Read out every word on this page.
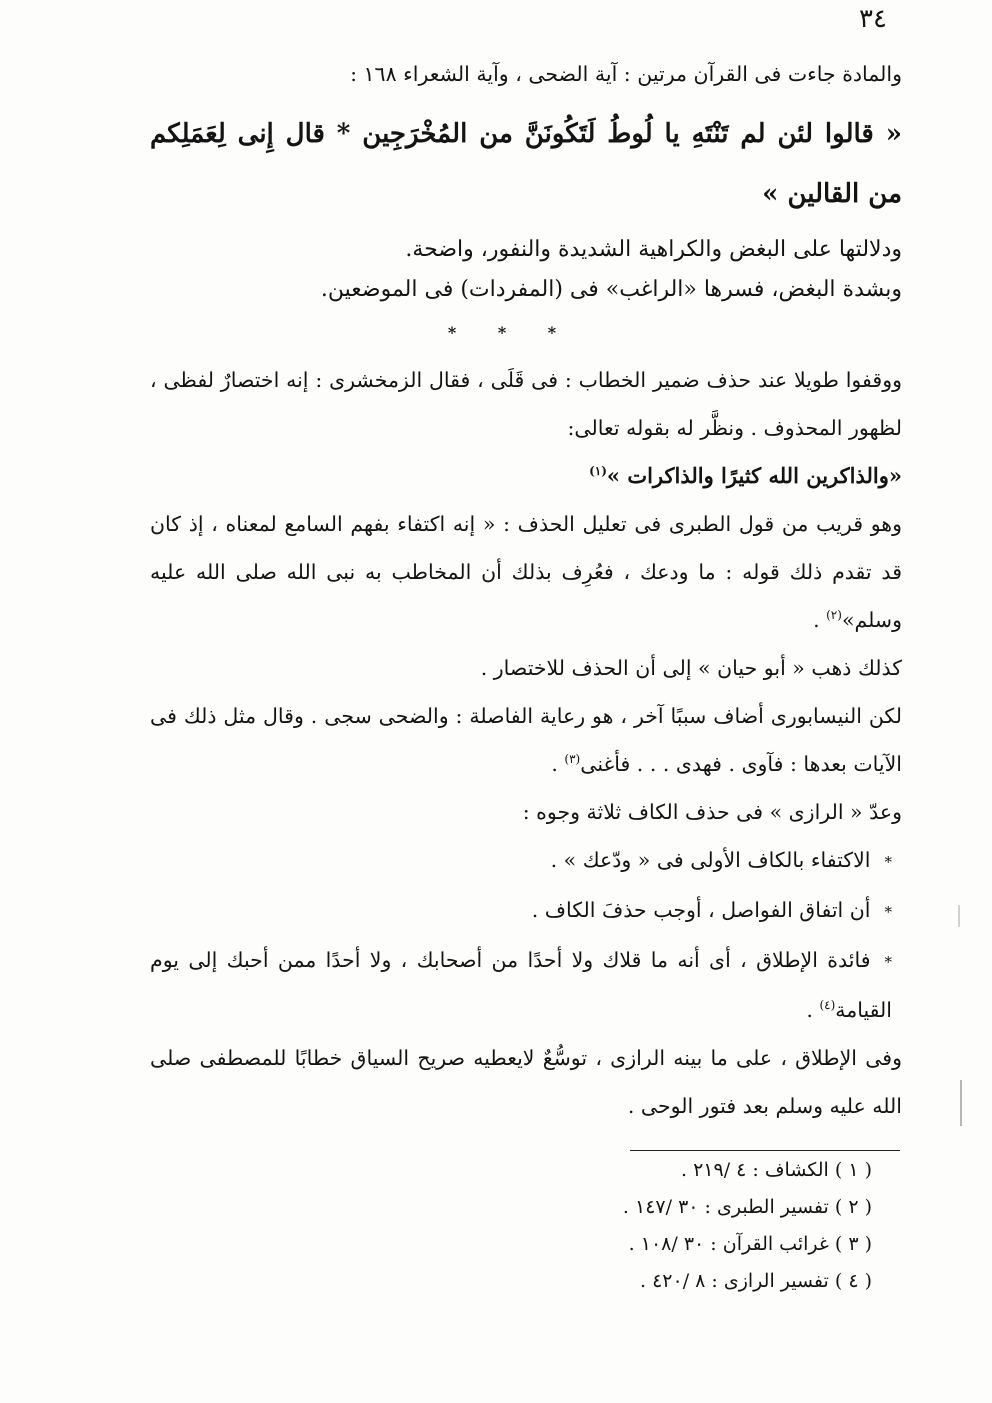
٣٤

والمادة جاءت فى القرآن مرتين : آية الضحى ، وآية الشعراء ١٦٨ :

« قالوا لئن لم تَنْتَهِ يا لُوطُ لَتَكُونَنَّ من المُخْرَجِين * قال إِنى لِعَمَلِكم من القالين »

ودلالتها على البغض والكراهية الشديدة والنفور، واضحة.

وبشدة البغض، فسرها «الراغب» فى (المفردات) فى الموضعين.

* * *

ووقفوا طويلا عند حذف ضمير الخطاب : فى قَلَى ، فقال الزمخشرى : إنه اختصارٌ لفظى ، لظهور المحذوف . ونظَّر له بقوله تعالى:

«والذاكرين الله كثيرًا والذاكرات »$^{(١)}$

وهو قريب من قول الطبرى فى تعليل الحذف : « إنه اكتفاء بفهم السامع لمعناه ، إذ كان قد تقدم ذلك قوله : ما ودعك ، فعُرِف بذلك أن المخاطب به نبى الله صلى الله عليه وسلم»$^{(٢)}$ .

كذلك ذهب « أبو حيان » إلى أن الحذف للاختصار .

لكن النيسابورى أضاف سببًا آخر ، هو رعاية الفاصلة : والضحى سجى . وقال مثل ذلك فى الآيات بعدها : فآوى . فهدى . . . فأغنى$^{(٣)}$ .

وعدّ « الرازى » فى حذف الكاف ثلاثة وجوه :

* الاكتفاء بالكاف الأولى فى « ودّعك » .

* أن اتفاق الفواصل ، أوجب حذفَ الكاف .

* فائدة الإطلاق ، أى أنه ما قلاك ولا أحدًا من أصحابك ، ولا أحدًا ممن أحبك إلى يوم القيامة$^{(٤)}$ .

وفى الإطلاق ، على ما بينه الرازى ، توسُّعٌ لايعطيه صريح السياق خطابًا للمصطفى صلى الله عليه وسلم بعد فتور الوحى .

( ١ ) الكشاف : ٤ /٢١٩ .
( ٢ ) تفسير الطبرى : ٣٠ /١٤٧ .
( ٣ ) غرائب القرآن : ٣٠ /١٠٨ .
( ٤ ) تفسير الرازى : ٨ /٤٢٠ .
